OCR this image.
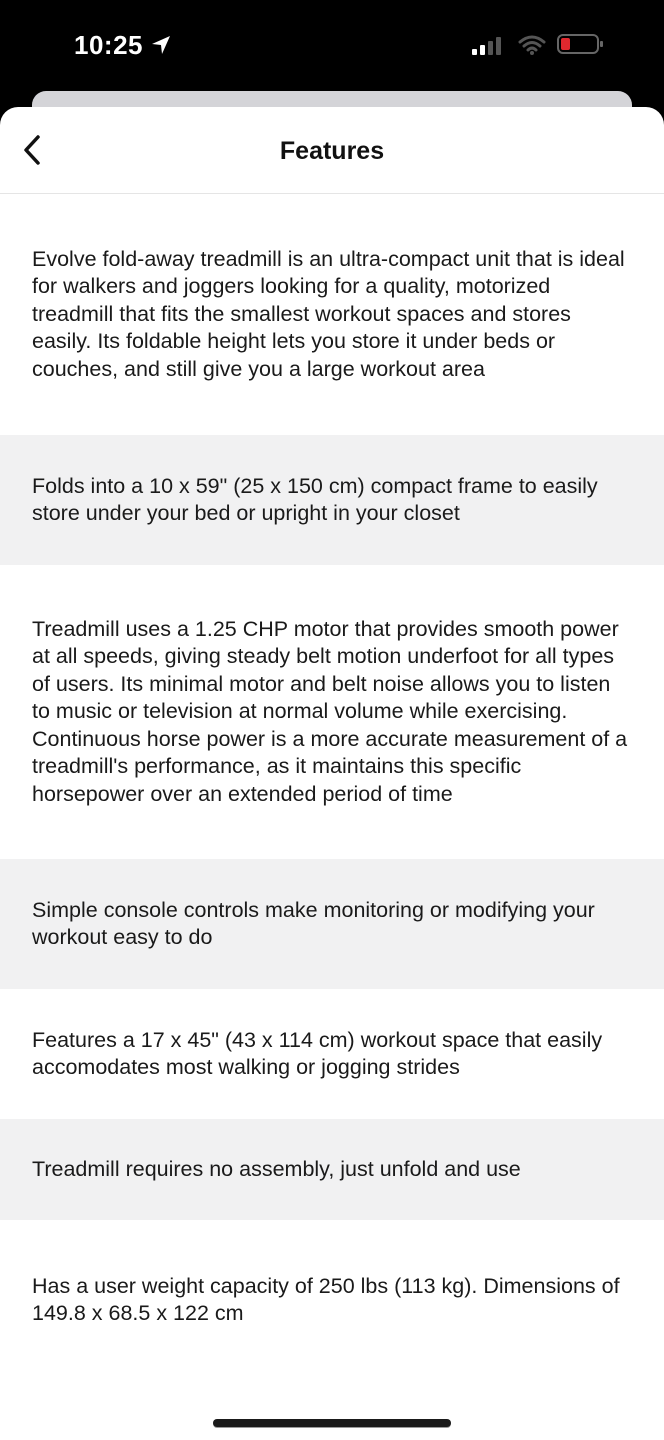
10:25
Features
Evolve fold-away treadmill is an ultra-compact unit that is ideal for walkers and joggers looking for a quality, motorized treadmill that fits the smallest workout spaces and stores easily. Its foldable height lets you store it under beds or couches, and still give you a large workout area
Folds into a 10 x 59" (25 x 150 cm) compact frame to easily store under your bed or upright in your closet
Treadmill uses a 1.25 CHP motor that provides smooth power at all speeds, giving steady belt motion underfoot for all types of users. Its minimal motor and belt noise allows you to listen to music or television at normal volume while exercising. Continuous horse power is a more accurate measurement of a treadmill's performance, as it maintains this specific horsepower over an extended period of time
Simple console controls make monitoring or modifying your workout easy to do
Features a 17 x 45" (43 x 114 cm) workout space that easily accomodates most walking or jogging strides
Treadmill requires no assembly, just unfold and use
Has a user weight capacity of 250 lbs (113 kg). Dimensions of 149.8 x 68.5 x 122 cm
